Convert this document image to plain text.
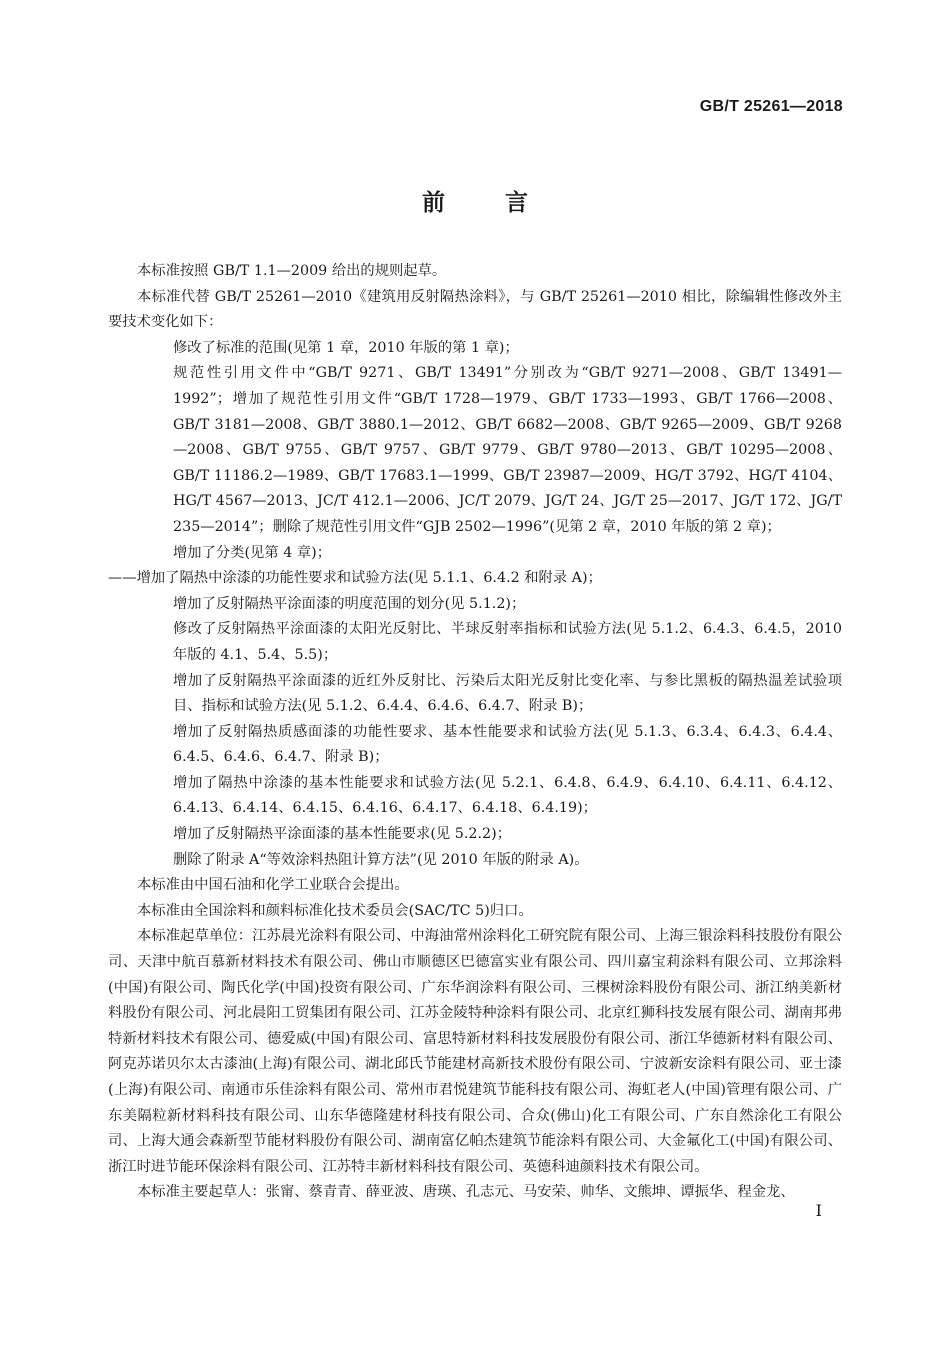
GB/T 25261—2018
前言

本标准按照 GB/T 1.1—2009 给出的规则起草。

本标准代替 GB/T 25261—2010《建筑用反射隔热涂料》，与 GB/T 25261—2010 相比，除编辑性修改外主要技术变化如下：

修改了标准的范围(见第 1 章，2010 年版的第 1 章)；

规范性引用文件中“GB/T 9271、GB/T 13491”分别改为“GB/T 9271—2008、GB/T 13491—1992”；增加了规范性引用文件“GB/T 1728—1979、GB/T 1733—1993、GB/T 1766—2008、GB/T 3181—2008、GB/T 3880.1—2012、GB/T 6682—2008、GB/T 9265—2009、GB/T 9268—2008、GB/T 9755、GB/T 9757、GB/T 9779、GB/T 9780—2013、GB/T 10295—2008、GB/T 11186.2—1989、GB/T 17683.1—1999、GB/T 23987—2009、HG/T 3792、HG/T 4104、HG/T 4567—2013、JC/T 412.1—2006、JC/T 2079、JG/T 24、JG/T 25—2017、JG/T 172、JG/T 235—2014”；删除了规范性引用文件“GJB 2502—1996”(见第 2 章，2010 年版的第 2 章)；

增加了分类(见第 4 章)；

——增加了隔热中涂漆的功能性要求和试验方法(见 5.1.1、6.4.2 和附录 A)；

增加了反射隔热平涂面漆的明度范围的划分(见 5.1.2)；

修改了反射隔热平涂面漆的太阳光反射比、半球反射率指标和试验方法(见 5.1.2、6.4.3、6.4.5，2010 年版的 4.1、5.4、5.5)；

增加了反射隔热平涂面漆的近红外反射比、污染后太阳光反射比变化率、与参比黑板的隔热温差试验项目、指标和试验方法(见 5.1.2、6.4.4、6.4.6、6.4.7、附录 B)；

增加了反射隔热质感面漆的功能性要求、基本性能要求和试验方法(见 5.1.3、6.3.4、6.4.3、6.4.4、6.4.5、6.4.6、6.4.7、附录 B)；

增加了隔热中涂漆的基本性能要求和试验方法(见 5.2.1、6.4.8、6.4.9、6.4.10、6.4.11、6.4.12、6.4.13、6.4.14、6.4.15、6.4.16、6.4.17、6.4.18、6.4.19)；

增加了反射隔热平涂面漆的基本性能要求(见 5.2.2)；

删除了附录 A“等效涂料热阻计算方法”(见 2010 年版的附录 A)。

本标准由中国石油和化学工业联合会提出。

本标准由全国涂料和颜料标准化技术委员会(SAC/TC 5)归口。

本标准起草单位：江苏晨光涂料有限公司、中海油常州涂料化工研究院有限公司、上海三银涂料科技股份有限公司、天津中航百慕新材料技术有限公司、佛山市顺德区巴德富实业有限公司、四川嘉宝莉涂料有限公司、立邦涂料(中国)有限公司、陶氏化学(中国)投资有限公司、广东华润涂料有限公司、三棵树涂料股份有限公司、浙江纳美新材料股份有限公司、河北晨阳工贸集团有限公司、江苏金陵特种涂料有限公司、北京红狮科技发展有限公司、湖南邦弗特新材料技术有限公司、德爱威(中国)有限公司、富思特新材料科技发展股份有限公司、浙江华德新材料有限公司、阿克苏诺贝尔太古漆油(上海)有限公司、湖北邱氏节能建材高新技术股份有限公司、宁波新安涂料有限公司、亚士漆(上海)有限公司、南通市乐佳涂料有限公司、常州市君悦建筑节能科技有限公司、海虹老人(中国)管理有限公司、广东美隔粒新材料科技有限公司、山东华德隆建材科技有限公司、合众(佛山)化工有限公司、广东自然涂化工有限公司、上海大通会森新型节能材料股份有限公司、湖南富亿帕杰建筑节能涂料有限公司、大金氟化工(中国)有限公司、浙江时进节能环保涂料有限公司、江苏特丰新材料科技有限公司、英德科迪颜料技术有限公司。

本标准主要起草人：张甯、蔡青青、薛亚波、唐瑛、孔志元、马安荣、帅华、文熊坤、谭振华、程金龙、

I
